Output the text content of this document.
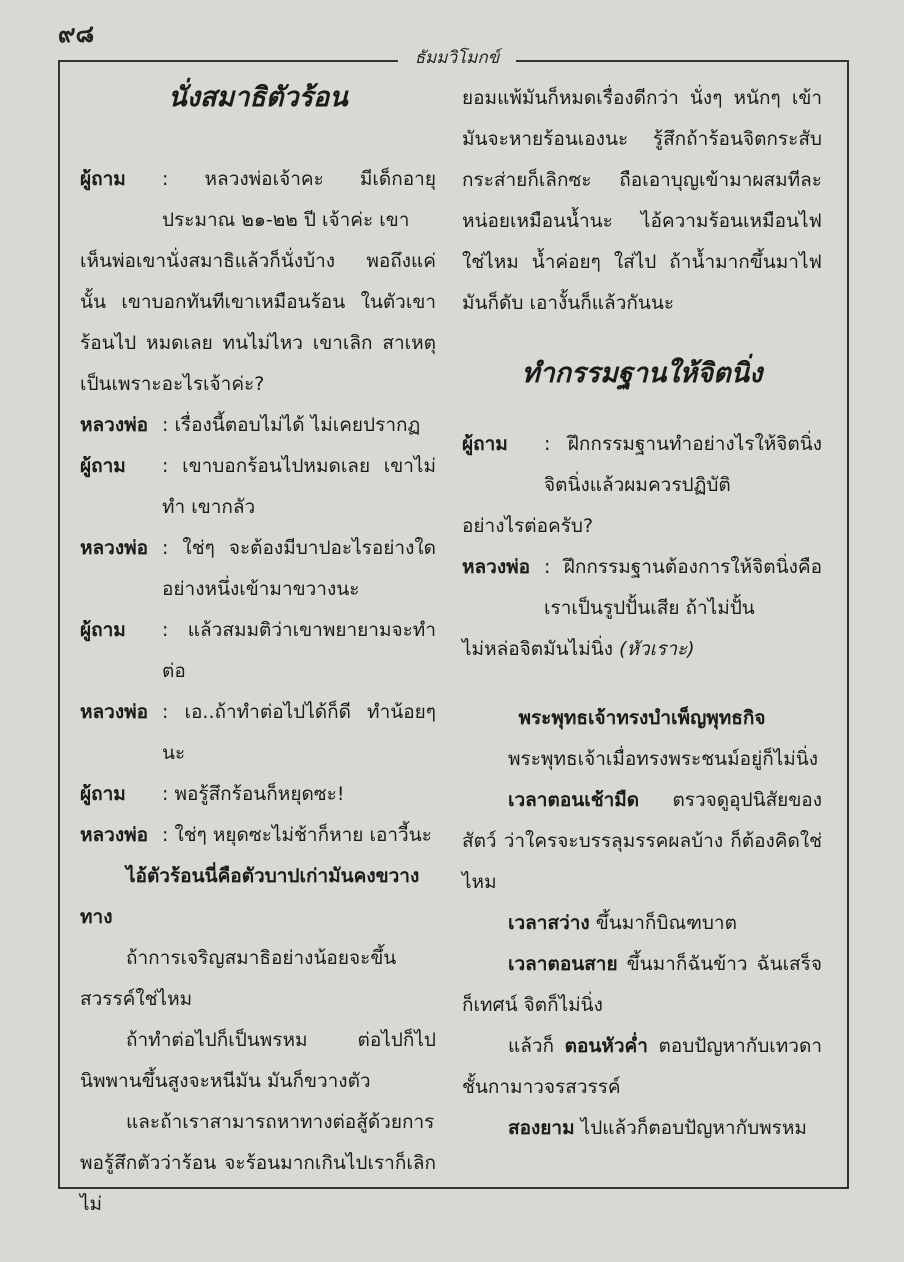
๙๘
ธัมมวิโมกข์
นั่งสมาธิตัวร้อน
ผู้ถาม	: หลวงพ่อเจ้าคะ มีเด็กอายุประมาณ ๒๑-๒๒ ปี เจ้าค่ะ เขา
เห็นพ่อเขานั่งสมาธิแล้วก็นั่งบ้าง พอถึงแค่นั้น เขาบอกทันทีเขาเหมือนร้อน ในตัวเขาร้อนไป หมดเลย ทนไม่ไหว เขาเลิก สาเหตุเป็นเพราะอะไรเจ้าค่ะ?
หลวงพ่อ : เรื่องนี้ตอบไม่ได้ ไม่เคยปรากฏ
ผู้ถาม	: เขาบอกร้อนไปหมดเลย เขาไม่ทำ เขากลัว
หลวงพ่อ : ใช่ๆ จะต้องมีบาปอะไรอย่างใดอย่างหนึ่งเข้ามาขวางนะ
ผู้ถาม	: แล้วสมมติว่าเขาพยายามจะทำต่อ
หลวงพ่อ : เอ..ถ้าทำต่อไปได้ก็ดี ทำน้อยๆ นะ
ผู้ถาม	: พอรู้สึกร้อนก็หยุดซะ!
หลวงพ่อ : ใช่ๆ หยุดซะไม่ช้าก็หาย เอาวี้นะ
ไอ้ตัวร้อนนี่คือตัวบาปเก่ามันคงขวางทาง
ถ้าการเจริญสมาธิอย่างน้อยจะขึ้นสวรรค์ใช่ไหม
ถ้าทำต่อไปก็เป็นพรหม ต่อไปก็ไปนิพพานขึ้นสูงจะหนีมัน มันก็ขวางตัว
และถ้าเราสามารถหาทางต่อสู้ด้วยการพอรู้สึกตัวว่าร้อน จะร้อนมากเกินไปเราก็เลิก ไม่
ยอมแพ้มันก็หมดเรื่องดีกว่า นั่งๆ หนักๆ เข้ามันจะหายร้อนเองนะ รู้สึกถ้าร้อนจิตกระสับกระส่ายก็เลิกซะ ถือเอาบุญเข้ามาผสมทีละหน่อยเหมือนน้ำนะ ไอ้ความร้อนเหมือนไฟใช่ไหม น้ำค่อยๆ ใส่ไป ถ้าน้ำมากขึ้นมาไฟมันก็ดับ เอางั้นก็แล้วกันนะ
ทำกรรมฐานให้จิตนิ่ง
ผู้ถาม	: ฝึกกรรมฐานทำอย่างไรให้จิตนิ่ง จิตนิ่งแล้วผมควรปฏิบัติ
อย่างไรต่อครับ?
หลวงพ่อ : ฝึกกรรมฐานต้องการให้จิตนิ่งคือเราเป็นรูปปั้นเสีย ถ้าไม่ปั้น
ไม่หล่อจิตมันไม่นิ่ง (หัวเราะ)
พระพุทธเจ้าทรงบำเพ็ญพุทธกิจ
พระพุทธเจ้าเมื่อทรงพระชนม์อยู่ก็ไม่นิ่ง
เวลาตอนเช้ามืด ตรวจดูอุปนิสัยของสัตว์ ว่าใครจะบรรลุมรรคผลบ้าง ก็ต้องคิดใช่ไหม
เวลาสว่าง ขึ้นมาก็บิณฑบาต
เวลาตอนสาย ขึ้นมาก็ฉันข้าว ฉันเสร็จก็เทศน์ จิตก็ไม่นิ่ง
แล้วก็ ตอนหัวค่ำ ตอบปัญหากับเทวดาชั้นกามาวจรสวรรค์
สองยาม ไปแล้วก็ตอบปัญหากับพรหม
